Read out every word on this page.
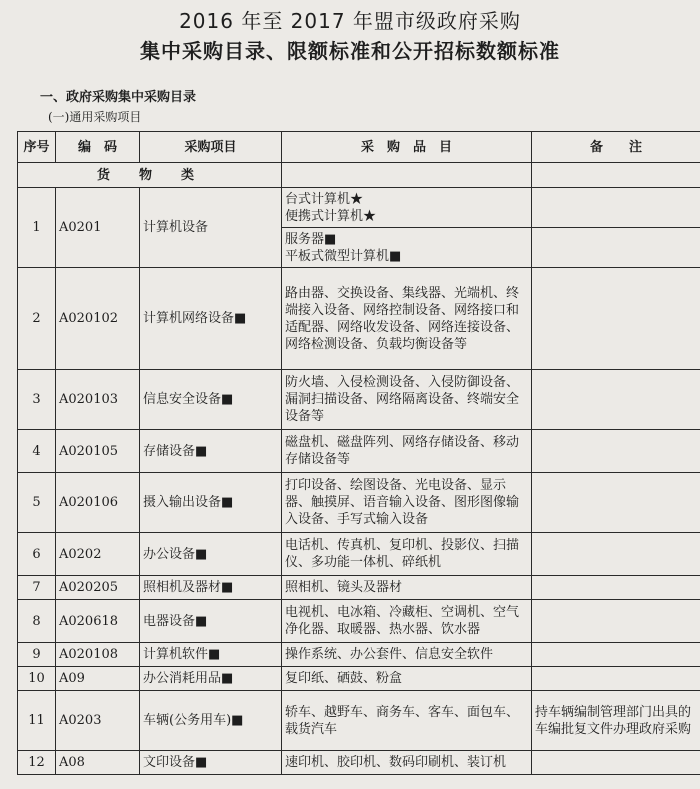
2016 年至 2017 年盟市级政府采购
集中采购目录、限额标准和公开招标数额标准
一、政府采购集中采购目录
(一)通用采购项目
序号	编　码	采购项目	采　购　品　目	备　　注
货　物　类				
1	A0201	计算机设备	台式计算机★
便携式计算机★	

			服务器■
平板式微型计算机■	

2	A020102	计算机网络设备■	路由器、交换设备、集线器、光端机、终端接入设备、网络控制设备、网络接口和适配器、网络收发设备、网络连接设备、网络检测设备、负载均衡设备等	
3	A020103	信息安全设备■	防火墙、入侵检测设备、入侵防御设备、漏洞扫描设备、网络隔离设备、终端安全设备等	
4	A020105	存储设备■	磁盘机、磁盘阵列、网络存储设备、移动存储设备等	
5	A020106	摄入输出设备■	打印设备、绘图设备、光电设备、显示器、触摸屏、语音输入设备、图形图像输入设备、手写式输入设备	
6	A0202	办公设备■	电话机、传真机、复印机、投影仪、扫描仪、多功能一体机、碎纸机	
7	A020205	照相机及器材■	照相机、镜头及器材	
8	A020618	电器设备■	电视机、电冰箱、冷藏柜、空调机、空气净化器、取暖器、热水器、饮水器	
9	A020108	计算机软件■	操作系统、办公套件、信息安全软件	
10	A09	办公消耗用品■	复印纸、硒鼓、粉盒	
11	A0203	车辆(公务用车)■	轿车、越野车、商务车、客车、面包车、载货汽车	持车辆编制管理部门出具的车编批复文件办理政府采购
12	A08	文印设备■	速印机、胶印机、数码印刷机、装订机	
